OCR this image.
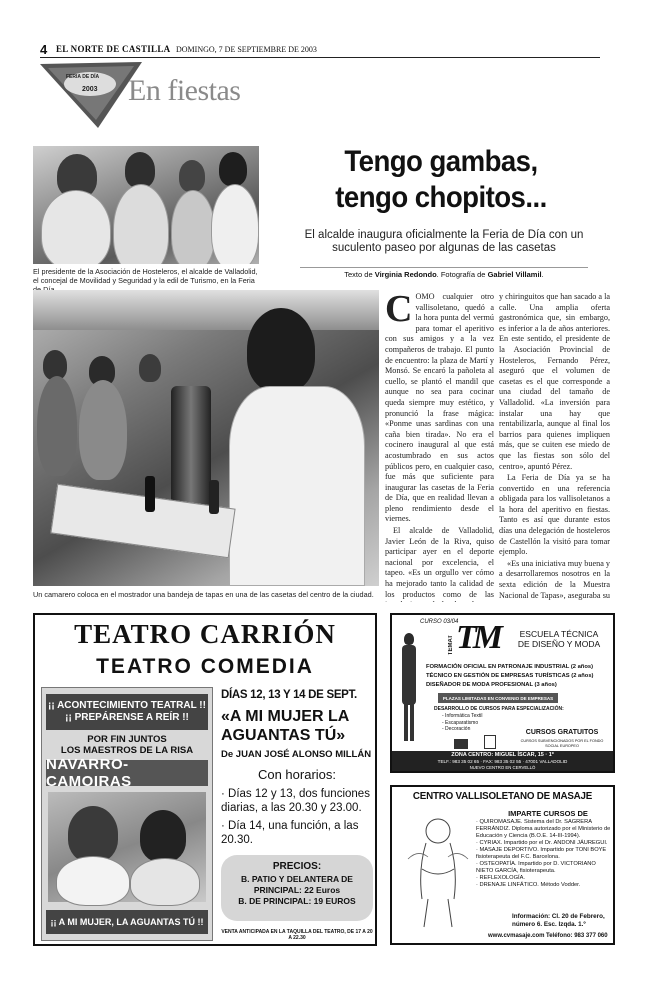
4 EL NORTE DE CASTILLA DOMINGO, 7 DE SEPTIEMBRE DE 2003
FERIA DE DÍA
2003 En fiestas
El presidente de la Asociación de Hosteleros, el alcalde de Valladolid, el concejal de Movilidad y Seguridad y la edil de Turismo, en la Feria
Tengo gambas,
tengo chopitos...
El alcalde inaugura oficialmente la Feria de Día con un suculento paseo por algunas de las casetas
Texto de Virginia Redondo. Fotografía de Gabriel Villamil.
Un camarero coloca en el mostrador una bandeja de tapas en una de las casetas del centro de la ciudad.
C OMO cualquier otro vallisoletano, quedó a la hora punta del vermú para tomar el aperitivo con sus amigos y a la vez compañeros de trabajo. El punto de encuentro: la plaza de Martí y Monsó. Se encaró la pañoleta al cuello, se plantó el mandil que aunque no sea para cocinar queda siempre muy estético, y pronunció la frase mágica: «Ponme unas sardinas con una caña bien tirada». No era el cocinero inaugural al que está acostumbrado en sus actos públicos pero, en cualquier caso, fue más que suficiente para inaugurar las casetas de la Feria de Día, que en realidad llevan a pleno rendimiento desde el viernes.

El alcalde de Valladolid, Javier León de la Riva, quiso participar ayer en el deporte nacional por excelencia, el tapeo. «Es un orgullo ver cómo ha mejorado tanto la calidad de los productos como de las

y chiringuitos que han sacado a la calle. Una amplia oferta gastronómica que, sin embargo, es inferior a la de años anteriores. En este sentido, el presidente de la Asociación Provincial de Hosteleros, Fernando Pérez, aseguró que el volumen de casetas es el que corresponde a una ciudad del tamaño de Valladolid. «La inversión para instalar una hay que rentabilizarla, aunque al final los barrios para quienes impliquen más, que se cuiten ese miedo de que las fiestas son sólo del centro», apuntó Pérez.

La Feria de Día ya se ha convertido en una referencia obligada para los vallisoletanos a la hora del aperitivo en fiestas. Tanto es así que durante estos días una delegación de hosteleros de Castellón la visitó para tomar ejemplo.

«Es una iniciativa muy buena y a desarrollaremos nosotros en la sexta edición de la Muestra Nacional de Tapas», aseguraba su

TEATRO CARRIÓN
TEATRO COMEDIA
¡¡ ACONTECIMIENTO TEATRAL !!
¡¡ PREPÁRENSE A REÍR !!
POR FIN JUNTOS
LOS MAESTROS DE LA RISA
NAVARRO-CAMOIRAS
¡¡ A MI MUJER, LA AGUANTAS TÚ !!
DÍAS 12, 13 Y 14 DE SEPT.
«A MI MUJER LA
AGUANTAS TÚ»
De JUAN JOSÉ ALONSO MILLÁN
Con horarios:
· Días 12 y 13, dos funciones diarias, a las 20.30 y 23.00.
· Día 14, una función, a las 20.30.
PRECIOS:
B. PATIO Y DELANTERA DE PRINCIPAL: 22 Euros
B. DE PRINCIPAL: 19 EUROS
VENTA ANTICIPADA EN LA TAQUILLA DEL TEATRO, DE 17 A 20 A 22.30
CURSO 03/04
TEMAT TM	ESCUELA TÉCNICA
DE DISEÑO Y MODA
FORMACIÓN OFICIAL EN PATRONAJE INDUSTRIAL (2 años)
TÉCNICO EN GESTIÓN DE EMPRESAS TURÍSTICAS (2 años)
DISEÑADOR DE MODA PROFESIONAL (3 años)
PLAZAS LIMITADAS EN CONVENIO DE EMPRESAS
DESARROLLO DE CURSOS PARA ESPECIALIZACIÓN:
- Informática Textil
- Escaparatismo
- Decoración	CURSOS GRATUITOS
CURSOS SUBVENCIONADOS POR EL FONDO SOCIAL EUROPEO
ZONA CENTRO: MIGUEL ÍSCAR, 15 · 1º
TELF.: 983 35 02 65 · FAX: 983 35 02 55 · 47001 VALLADOLID
NUEVO CENTRO EN CERVELLÓ
CENTRO VALLISOLETANO DE MASAJE
IMPARTE CURSOS DE
· QUIROMASAJE. Sistema del Dr. SAGRERA FERRÁNDIZ. Diploma autorizado por el Ministerio de Educación y Ciencia (B.O.E. 14-III-1994).
· CYRIAX. Impartido por el Dr. ANDONI JÁUREGUI.
· MASAJE DEPORTIVO. Impartido por TONI BOYE fisioterapeuta del F.C. Barcelona.
· OSTEOPATÍA. Impartido por D. VICTORIANO NIETO GARCÍA, fisioterapeuta.
· REFLEXOLOGÍA.
· DRENAJE LINFÁTICO. Método Vodder.
Información: Cl. 20 de Febrero, número 6. Esc. Izqda. 1.º
www.cvmasaje.com Teléfono: 983 377 060
